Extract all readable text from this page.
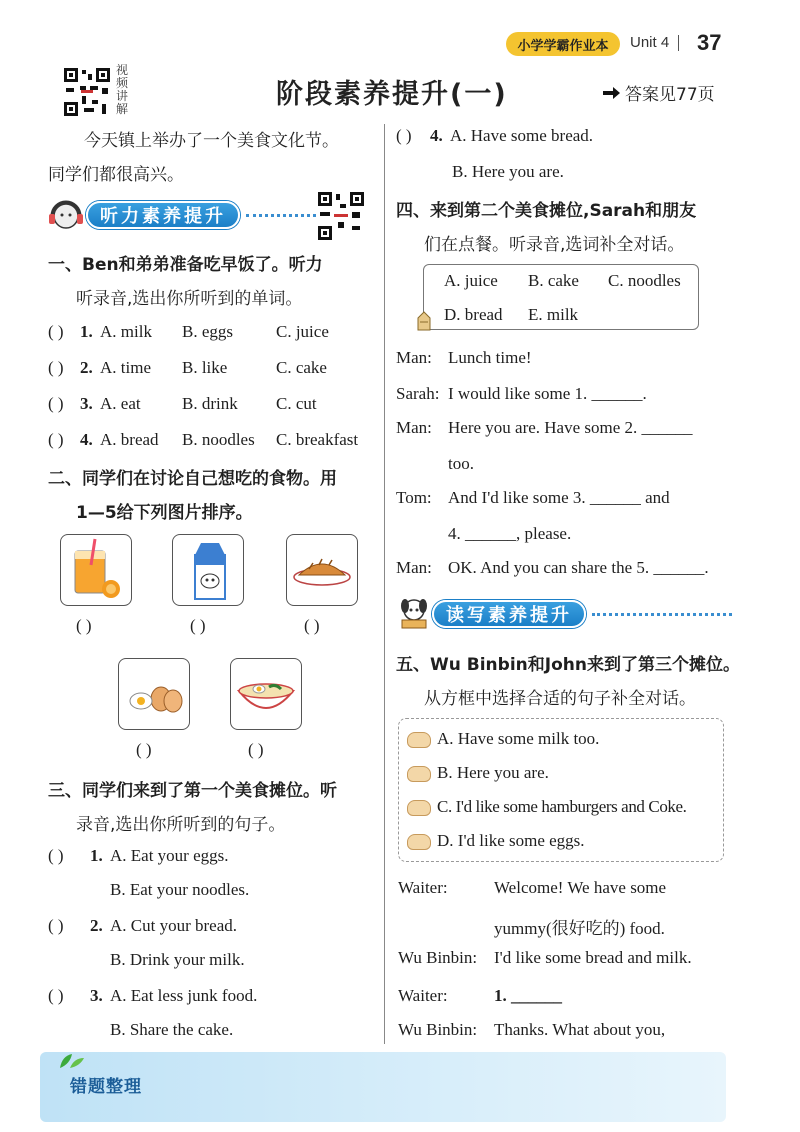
小学学霸作业本	Unit 4 37
视频讲解	阶段素养提升(一)	答案见77页
今天镇上举办了一个美食文化节。
同学们都很高兴。
听力素养提升
一、Ben和弟弟准备吃早饭了。听力
听录音,选出你所听到的单词。
( ) 1. A. milk B. eggs	C. juice
( ) 2. A. time B. like	C. cake
( ) 3. A. eat B. drink C. cut
( ) 4. A. bread B. noodles C. breakfast
二、同学们在讨论自己想吃的食物。用
1—5给下列图片排序。
( )	( )	( )
( )	( )
三、同学们来到了第一个美食摊位。听
录音,选出你所听到的句子。
( ) 1. A. Eat your eggs.
B. Eat your noodles.
( ) 2. A. Cut your bread.
B. Drink your milk.
( ) 3. A. Eat less junk food.
B. Share the cake.
( ) 4. A. Have some bread.
B. Here you are.
四、来到第二个美食摊位,Sarah和朋友
们在点餐。听录音,选词补全对话。
A. juice B. cake C. noodles
D. bread E. milk
Man: Lunch time!
Sarah: I would like some 1. ______.
Man: Here you are. Have some 2. ______
too.
Tom: And I'd like some 3. ______ and
4. ______, please.
Man: OK. And you can share the 5. ______.
读写素养提升
五、Wu Binbin和John来到了第三个摊位。
从方框中选择合适的句子补全对话。
A. Have some milk too.
B. Here you are.
C. I'd like some hamburgers and Coke.
D. I'd like some eggs.
Waiter:	Welcome! We have some
yummy(很好吃的) food.
Wu Binbin: I'd like some bread and milk.
Waiter:	1. ______
Wu Binbin: Thanks. What about you,
错题整理
